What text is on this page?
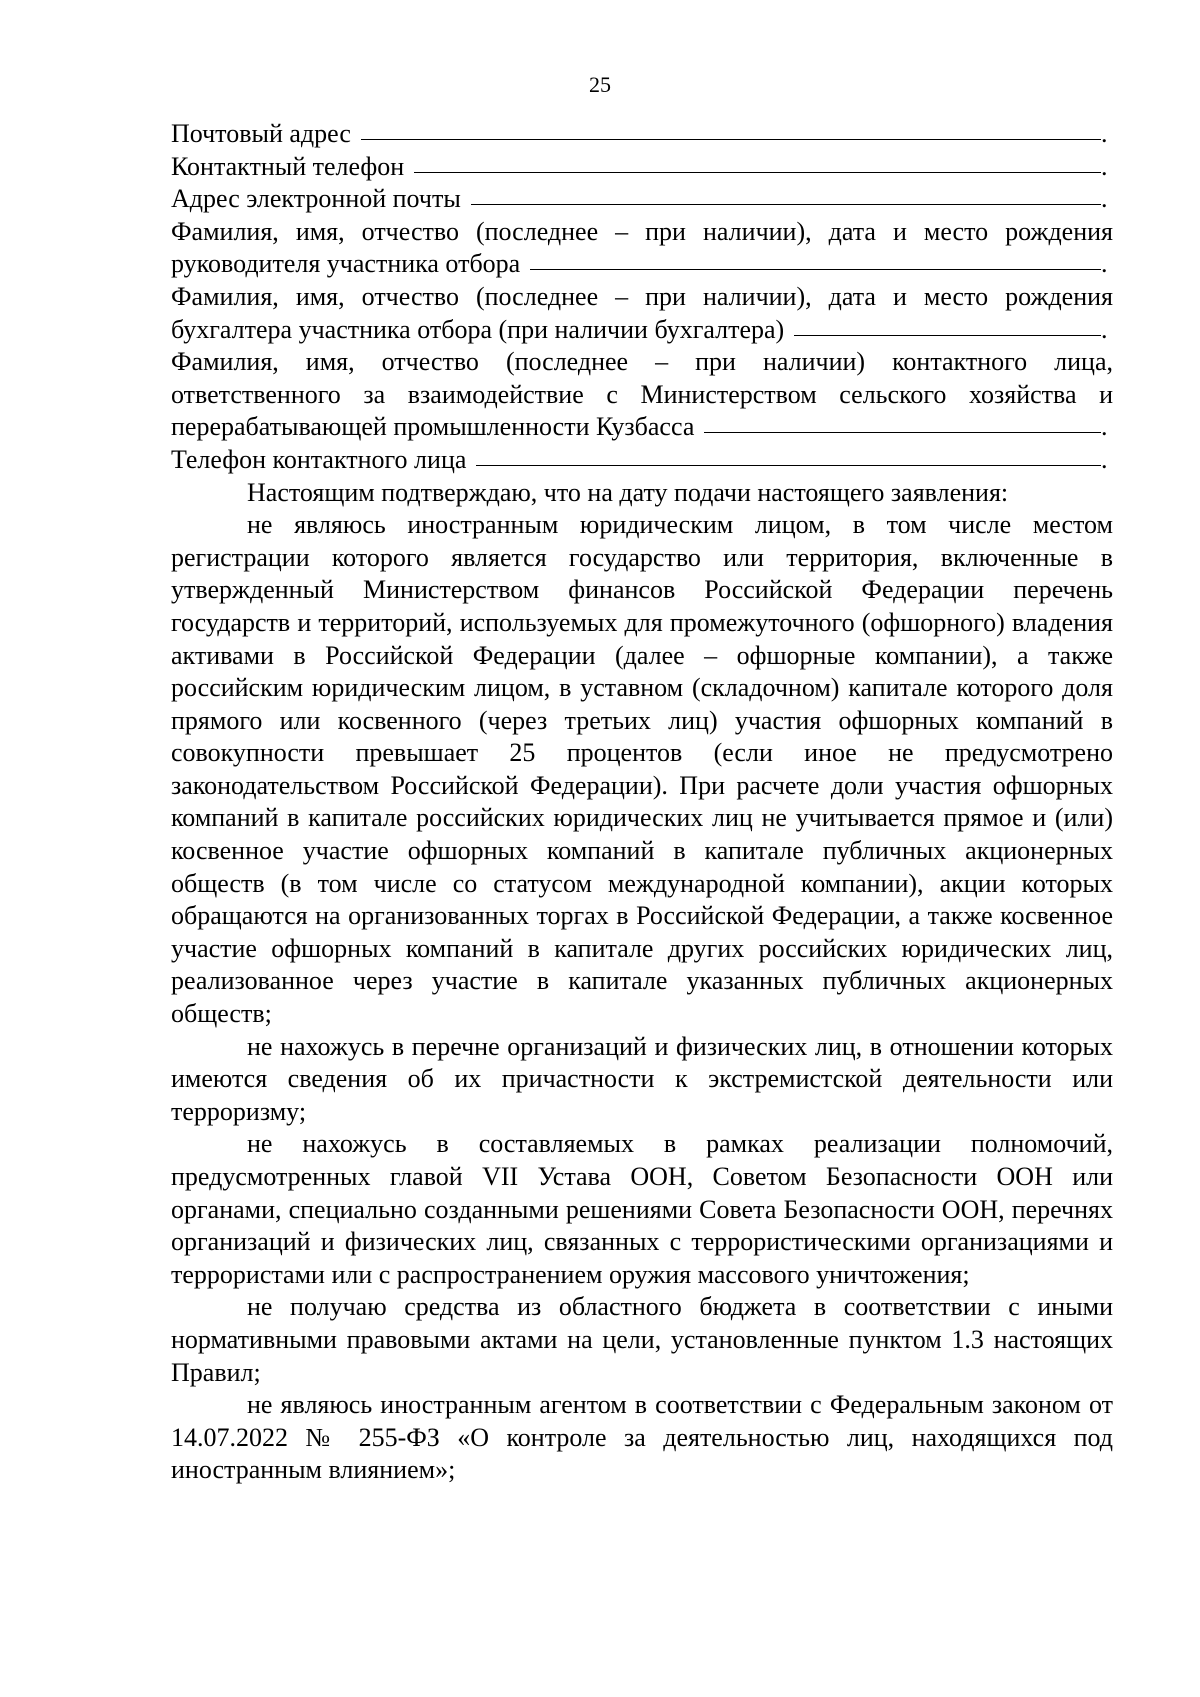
25
Почтовый адрес	.
Контактный телефон	.
Адрес электронной почты	.
Фамилия, имя, отчество (последнее – при наличии), дата и место рождения
руководителя участника отбора	.
Фамилия, имя, отчество (последнее – при наличии), дата и место рождения
бухгалтера участника отбора (при наличии бухгалтера)	.
Фамилия, имя, отчество (последнее – при наличии) контактного лица,
ответственного за взаимодействие с Министерством сельского хозяйства и
перерабатывающей промышленности Кузбасса	.
Телефон контактного лица	.
Настоящим подтверждаю, что на дату подачи настоящего заявления:
не являюсь иностранным юридическим лицом, в том числе местом регистрации которого является государство или территория, включенные в утвержденный Министерством финансов Российской Федерации перечень государств и территорий, используемых для промежуточного (офшорного) владения активами в Российской Федерации (далее – офшорные компании), а также российским юридическим лицом, в уставном (складочном) капитале которого доля прямого или косвенного (через третьих лиц) участия офшорных компаний в совокупности превышает 25 процентов (если иное не предусмотрено законодательством Российской Федерации). При расчете доли участия офшорных компаний в капитале российских юридических лиц не учитывается прямое и (или) косвенное участие офшорных компаний в капитале публичных акционерных обществ (в том числе со статусом международной компании), акции которых обращаются на организованных торгах в Российской Федерации, а также косвенное участие офшорных компаний в капитале других российских юридических лиц, реализованное через участие в капитале указанных публичных акционерных обществ;
не нахожусь в перечне организаций и физических лиц, в отношении которых имеются сведения об их причастности к экстремистской деятельности или терроризму;
не нахожусь в составляемых в рамках реализации полномочий, предусмотренных главой VII Устава ООН, Советом Безопасности ООН или органами, специально созданными решениями Совета Безопасности ООН, перечнях организаций и физических лиц, связанных с террористическими организациями и террористами или с распространением оружия массового уничтожения;
не получаю средства из областного бюджета в соответствии с иными нормативными правовыми актами на цели, установленные пунктом 1.3 настоящих Правил;
не являюсь иностранным агентом в соответствии с Федеральным законом от 14.07.2022 № 255-ФЗ «О контроле за деятельностью лиц, находящихся под иностранным влиянием»;
